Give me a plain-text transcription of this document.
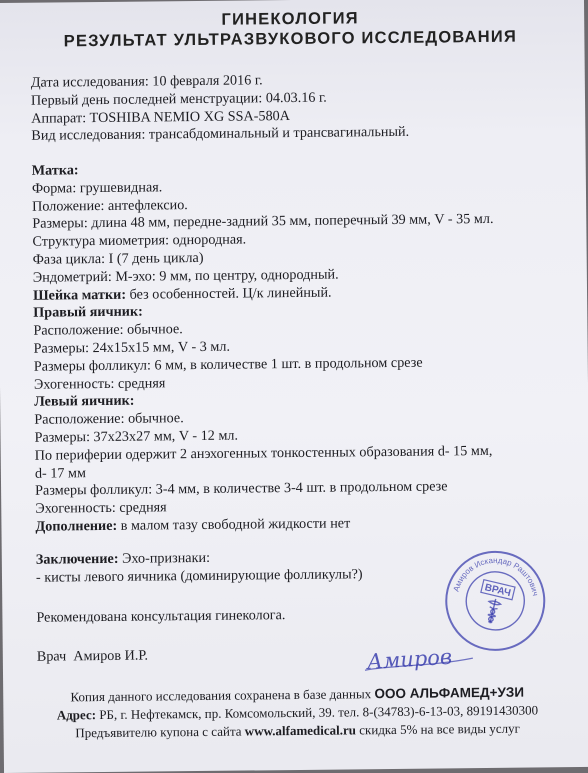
ГИНЕКОЛОГИЯ
РЕЗУЛЬТАТ УЛЬТРАЗВУКОВОГО ИССЛЕДОВАНИЯ
Дата исследования: 10 февраля 2016 г.
Первый день последней менструации: 04.03.16 г.
Аппарат: TOSHIBA NEMIO XG SSA-580A
Вид исследования: трансабдоминальный и трансвагинальный.
Матка:
Форма: грушевидная.
Положение: антефлексио.
Размеры: длина 48 мм, передне-задний 35 мм, поперечный 39 мм, V - 35 мл.
Структура миометрия: однородная.
Фаза цикла: I (7 день цикла)
Эндометрий: М-эхо: 9 мм, по центру, однородный.
Шейка матки: без особенностей. Ц/к линейный.
Правый яичник:
Расположение: обычное.
Размеры: 24x15x15 мм, V - 3 мл.
Размеры фолликул: 6 мм, в количестве 1 шт. в продольном срезе
Эхогенность: средняя
Левый яичник:
Расположение: обычное.
Размеры: 37x23x27 мм, V - 12 мл.
По периферии одержит 2 анэхогенных тонкостенных образования d- 15 мм,
d- 17 мм
Размеры фолликул: 3-4 мм, в количестве 3-4 шт. в продольном срезе
Эхогенность: средняя
Дополнение: в малом тазу свободной жидкости нет
Заключение: Эхо-признаки:
- кисты левого яичника (доминирующие фолликулы?)
Рекомендована консультация гинеколога.
Врач  Амиров И.Р.
Амиров Искандар Раштович
ВРАЧ
Амиров
Копия данного исследования сохранена в базе данных ООО АЛЬФАМЕД+УЗИ
Адрес: РБ, г. Нефтекамск, пр. Комсомольский, 39. тел. 8-(34783)-6-13-03, 89191430300
Предъявителю купона с сайта www.alfamedical.ru скидка 5% на все виды услуг
